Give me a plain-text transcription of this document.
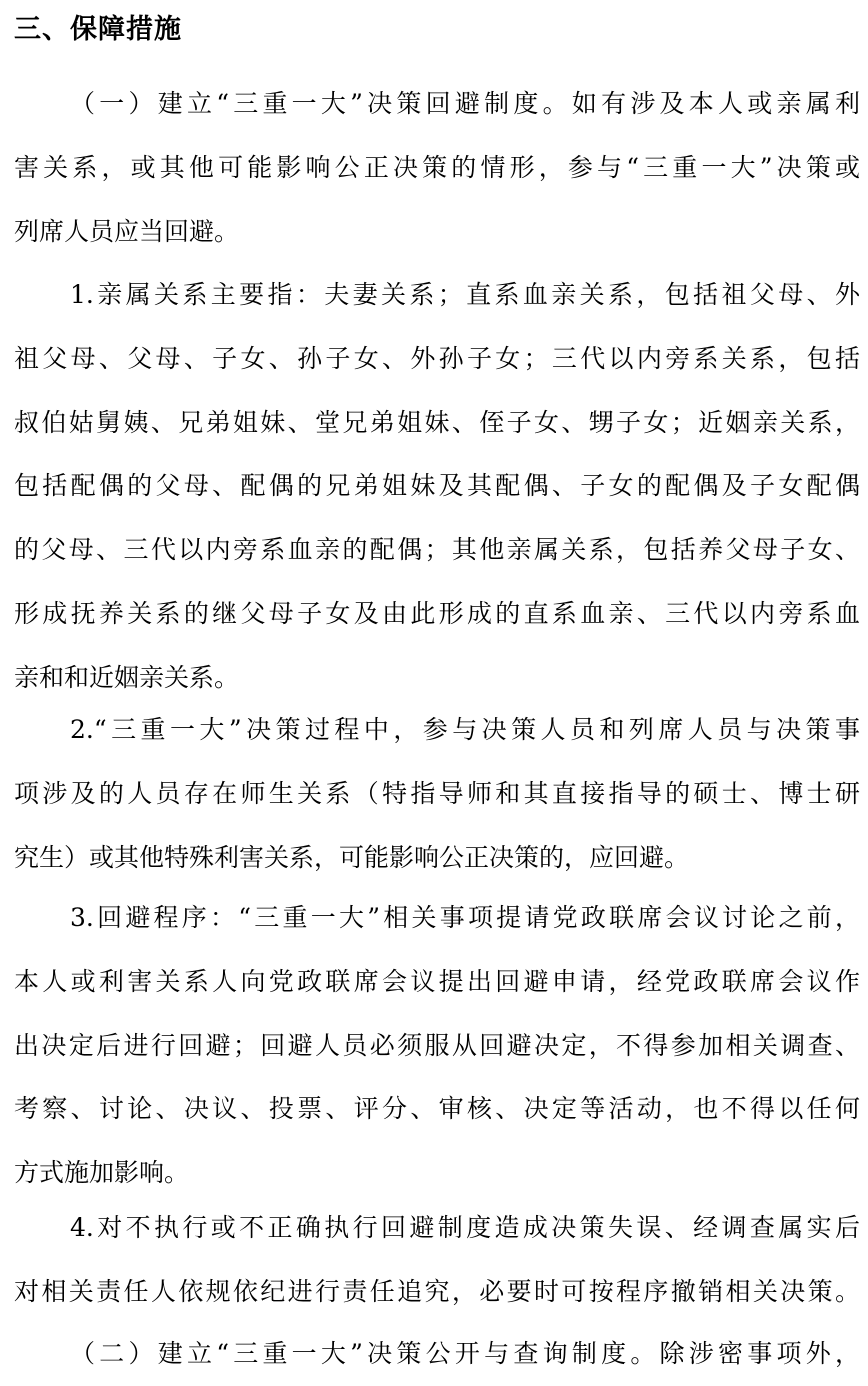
三、保障措施
（一）建立“三重一大”决策回避制度。如有涉及本人或亲属利
害关系，或其他可能影响公正决策的情形，参与“三重一大”决策或
列席人员应当回避。
1.亲属关系主要指：夫妻关系；直系血亲关系，包括祖父母、外
祖父母、父母、子女、孙子女、外孙子女；三代以内旁系关系，包括
叔伯姑舅姨、兄弟姐妹、堂兄弟姐妹、侄子女、甥子女；近姻亲关系，
包括配偶的父母、配偶的兄弟姐妹及其配偶、子女的配偶及子女配偶
的父母、三代以内旁系血亲的配偶；其他亲属关系，包括养父母子女、
形成抚养关系的继父母子女及由此形成的直系血亲、三代以内旁系血
亲和和近姻亲关系。
2.“三重一大”决策过程中，参与决策人员和列席人员与决策事
项涉及的人员存在师生关系（特指导师和其直接指导的硕士、博士研
究生）或其他特殊利害关系，可能影响公正决策的，应回避。
3.回避程序：“三重一大”相关事项提请党政联席会议讨论之前，
本人或利害关系人向党政联席会议提出回避申请，经党政联席会议作
出决定后进行回避；回避人员必须服从回避决定，不得参加相关调查、
考察、讨论、决议、投票、评分、审核、决定等活动，也不得以任何
方式施加影响。
4.对不执行或不正确执行回避制度造成决策失误、经调查属实后
对相关责任人依规依纪进行责任追究，必要时可按程序撤销相关决策。
（二）建立“三重一大”决策公开与查询制度。除涉密事项外，
